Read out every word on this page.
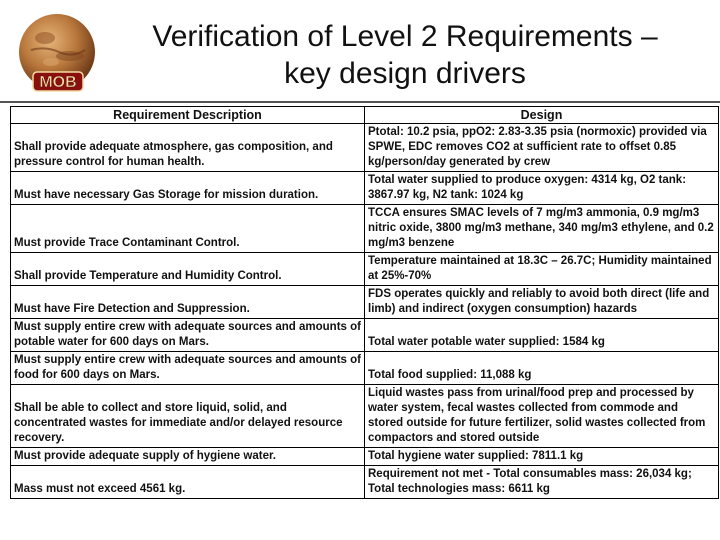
MOB
Verification of Level 2 Requirements –
key design drivers
Requirement Description	Design
Shall provide adequate atmosphere, gas composition, and pressure control for human health.	Ptotal: 10.2 psia, ppO2: 2.83-3.35 psia (normoxic) provided via SPWE, EDC removes CO2 at sufficient rate to offset 0.85 kg/person/day generated by crew
Must have necessary Gas Storage for mission duration.	Total water supplied to produce oxygen: 4314 kg, O2 tank: 3867.97 kg, N2 tank: 1024 kg
Must provide Trace Contaminant Control.	TCCA ensures SMAC levels of 7 mg/m3 ammonia, 0.9 mg/m3 nitric oxide, 3800 mg/m3 methane, 340 mg/m3 ethylene, and 0.2 mg/m3 benzene
Shall provide Temperature and Humidity Control.	Temperature maintained at 18.3C – 26.7C; Humidity maintained at 25%-70%
Must have Fire Detection and Suppression.	FDS operates quickly and reliably to avoid both direct (life and limb) and indirect (oxygen consumption) hazards
Must supply entire crew with adequate sources and amounts of potable water for 600 days on Mars.	Total water potable water supplied: 1584 kg
Must supply entire crew with adequate sources and amounts of food for 600 days on Mars.	Total food supplied: 11,088 kg
Shall be able to collect and store liquid, solid, and concentrated wastes for immediate and/or delayed resource recovery.	Liquid wastes pass from urinal/food prep and processed by water system, fecal wastes collected from commode and stored outside for future fertilizer, solid wastes collected from compactors and stored outside
Must provide adequate supply of hygiene water.	Total hygiene water supplied: 7811.1 kg
Mass must not exceed 4561 kg.	Requirement not met - Total consumables mass: 26,034 kg; Total technologies mass: 6611 kg
